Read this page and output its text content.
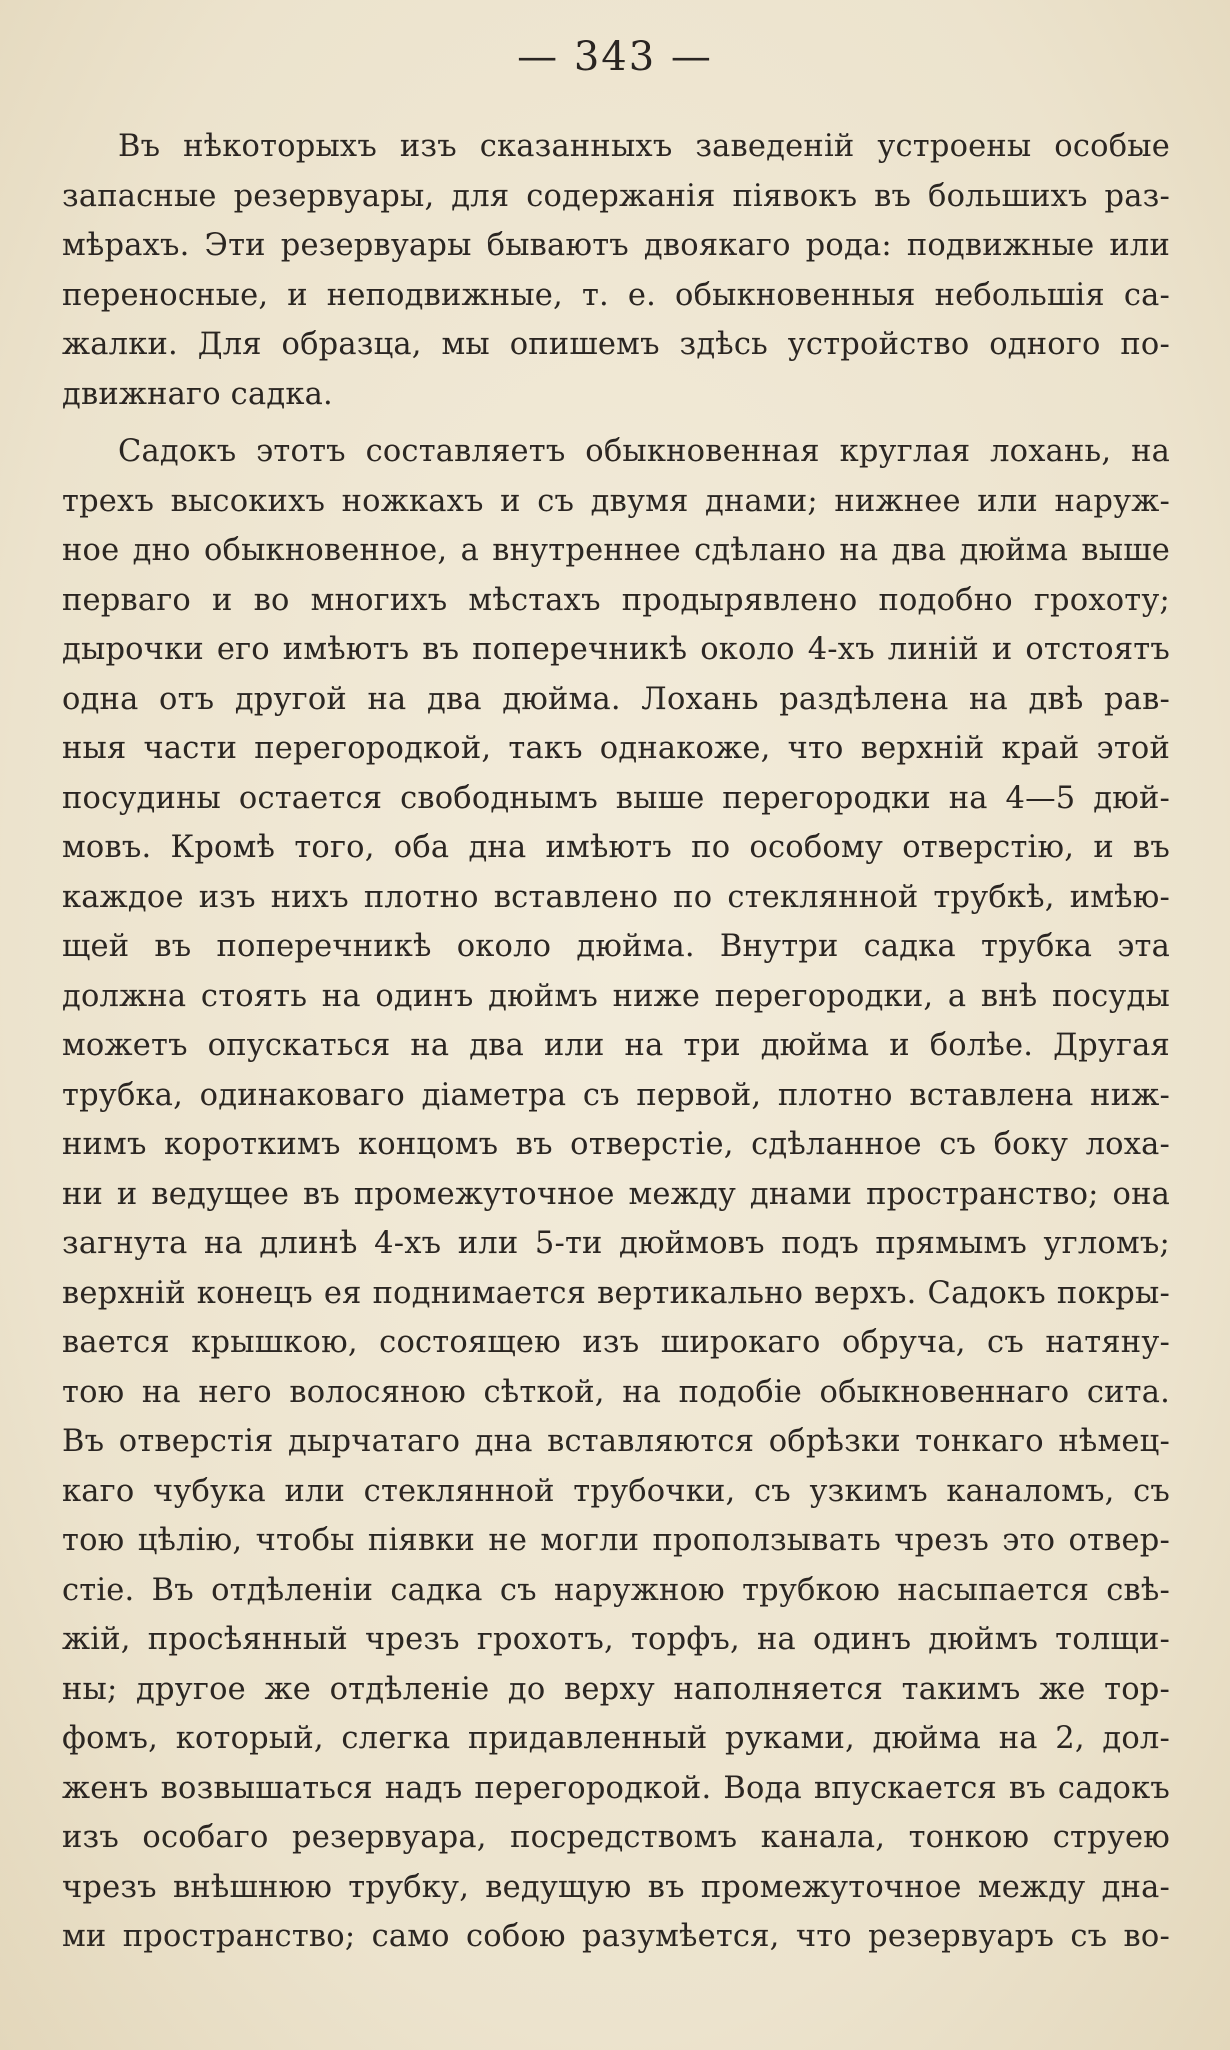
— 343 —
Въ нѣкоторыхъ изъ сказанныхъ заведеній устроены особые
запасные резервуары, для содержанія піявокъ въ большихъ раз-
мѣрахъ. Эти резервуары бываютъ двоякаго рода: подвижные или
переносные, и неподвижные, т. е. обыкновенныя небольшія са-
жалки. Для образца, мы опишемъ здѣсь устройство одного по-
движнаго садка.
Садокъ этотъ составляетъ обыкновенная круглая лохань, на
трехъ высокихъ ножкахъ и съ двумя днами; нижнее или наруж-
ное дно обыкновенное, а внутреннее сдѣлано на два дюйма выше
перваго и во многихъ мѣстахъ продырявлено подобно грохоту;
дырочки его имѣютъ въ поперечникѣ около 4-хъ линій и отстоятъ
одна отъ другой на два дюйма. Лохань раздѣлена на двѣ рав-
ныя части перегородкой, такъ однакоже, что верхній край этой
посудины остается свободнымъ выше перегородки на 4—5 дюй-
мовъ. Кромѣ того, оба дна имѣютъ по особому отверстію, и въ
каждое изъ нихъ плотно вставлено по стеклянной трубкѣ, имѣю-
щей въ поперечникѣ около дюйма. Внутри садка трубка эта
должна стоять на одинъ дюймъ ниже перегородки, а внѣ посуды
можетъ опускаться на два или на три дюйма и болѣе. Другая
трубка, одинаковаго діаметра съ первой, плотно вставлена ниж-
нимъ короткимъ концомъ въ отверстіе, сдѣланное съ боку лоха-
ни и ведущее въ промежуточное между днами пространство; она
загнута на длинѣ 4-хъ или 5-ти дюймовъ подъ прямымъ угломъ;
верхній конецъ ея поднимается вертикально верхъ. Садокъ покры-
вается крышкою, состоящею изъ широкаго обруча, съ натяну-
тою на него волосяною сѣткой, на подобіе обыкновеннаго сита.
Въ отверстія дырчатаго дна вставляются обрѣзки тонкаго нѣмец-
каго чубука или стеклянной трубочки, съ узкимъ каналомъ, съ
тою цѣлію, чтобы піявки не могли проползывать чрезъ это отвер-
стіе. Въ отдѣленіи садка съ наружною трубкою насыпается свѣ-
жій, просѣянный чрезъ грохотъ, торфъ, на одинъ дюймъ толщи-
ны; другое же отдѣленіе до верху наполняется такимъ же тор-
фомъ, который, слегка придавленный руками, дюйма на 2, дол-
женъ возвышаться надъ перегородкой. Вода впускается въ садокъ
изъ особаго резервуара, посредствомъ канала, тонкою струею
чрезъ внѣшнюю трубку, ведущую въ промежуточное между дна-
ми пространство; само собою разумѣется, что резервуаръ съ во-
